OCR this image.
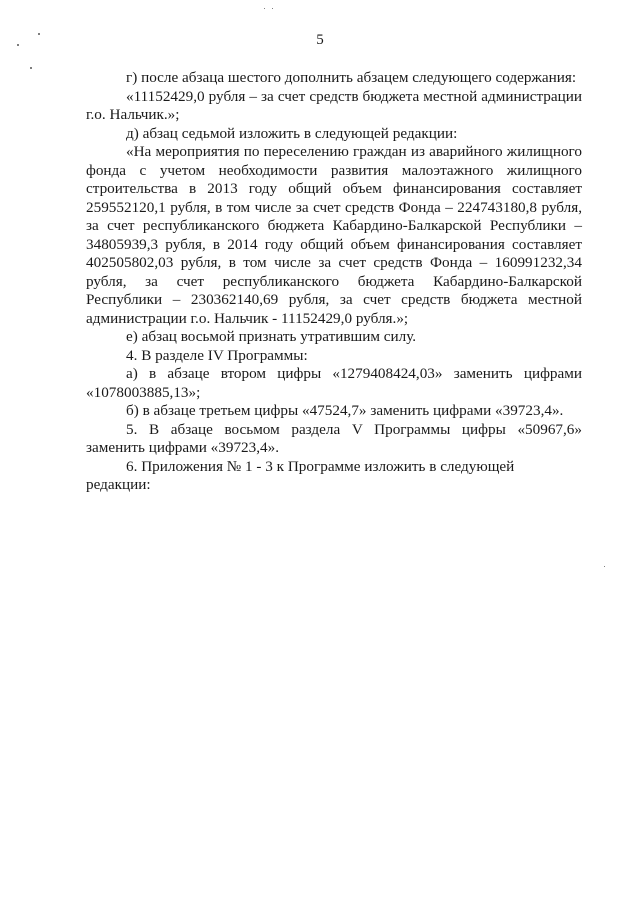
5

г) после абзаца шестого дополнить абзацем следующего содержания:

«11152429,0 рубля – за счет средств бюджета местной администрации г.о. Нальчик.»;

д) абзац седьмой изложить в следующей редакции:

«На мероприятия по переселению граждан из аварийного жилищного фонда с учетом необходимости развития малоэтажного жилищного строительства в 2013 году общий объем финансирования составляет 259552120,1 рубля, в том числе за счет средств Фонда – 224743180,8 рубля, за счет республиканского бюджета Кабардино-Балкарской Республики – 34805939,3 рубля, в 2014 году общий объем финансирования составляет 402505802,03 рубля, в том числе за счет средств Фонда – 160991232,34 рубля, за счет республиканского бюджета Кабардино-Балкарской Республики – 230362140,69 рубля, за счет средств бюджета местной администрации г.о. Нальчик - 11152429,0 рубля.»;

е) абзац восьмой признать утратившим силу.

4. В разделе IV Программы:

а) в абзаце втором цифры «1279408424,03» заменить цифрами «1078003885,13»;

б) в абзаце третьем цифры «47524,7» заменить цифрами «39723,4».

5. В абзаце восьмом раздела V Программы цифры «50967,6» заменить цифрами «39723,4».

6. Приложения № 1 - 3 к Программе изложить в следующей редакции:
